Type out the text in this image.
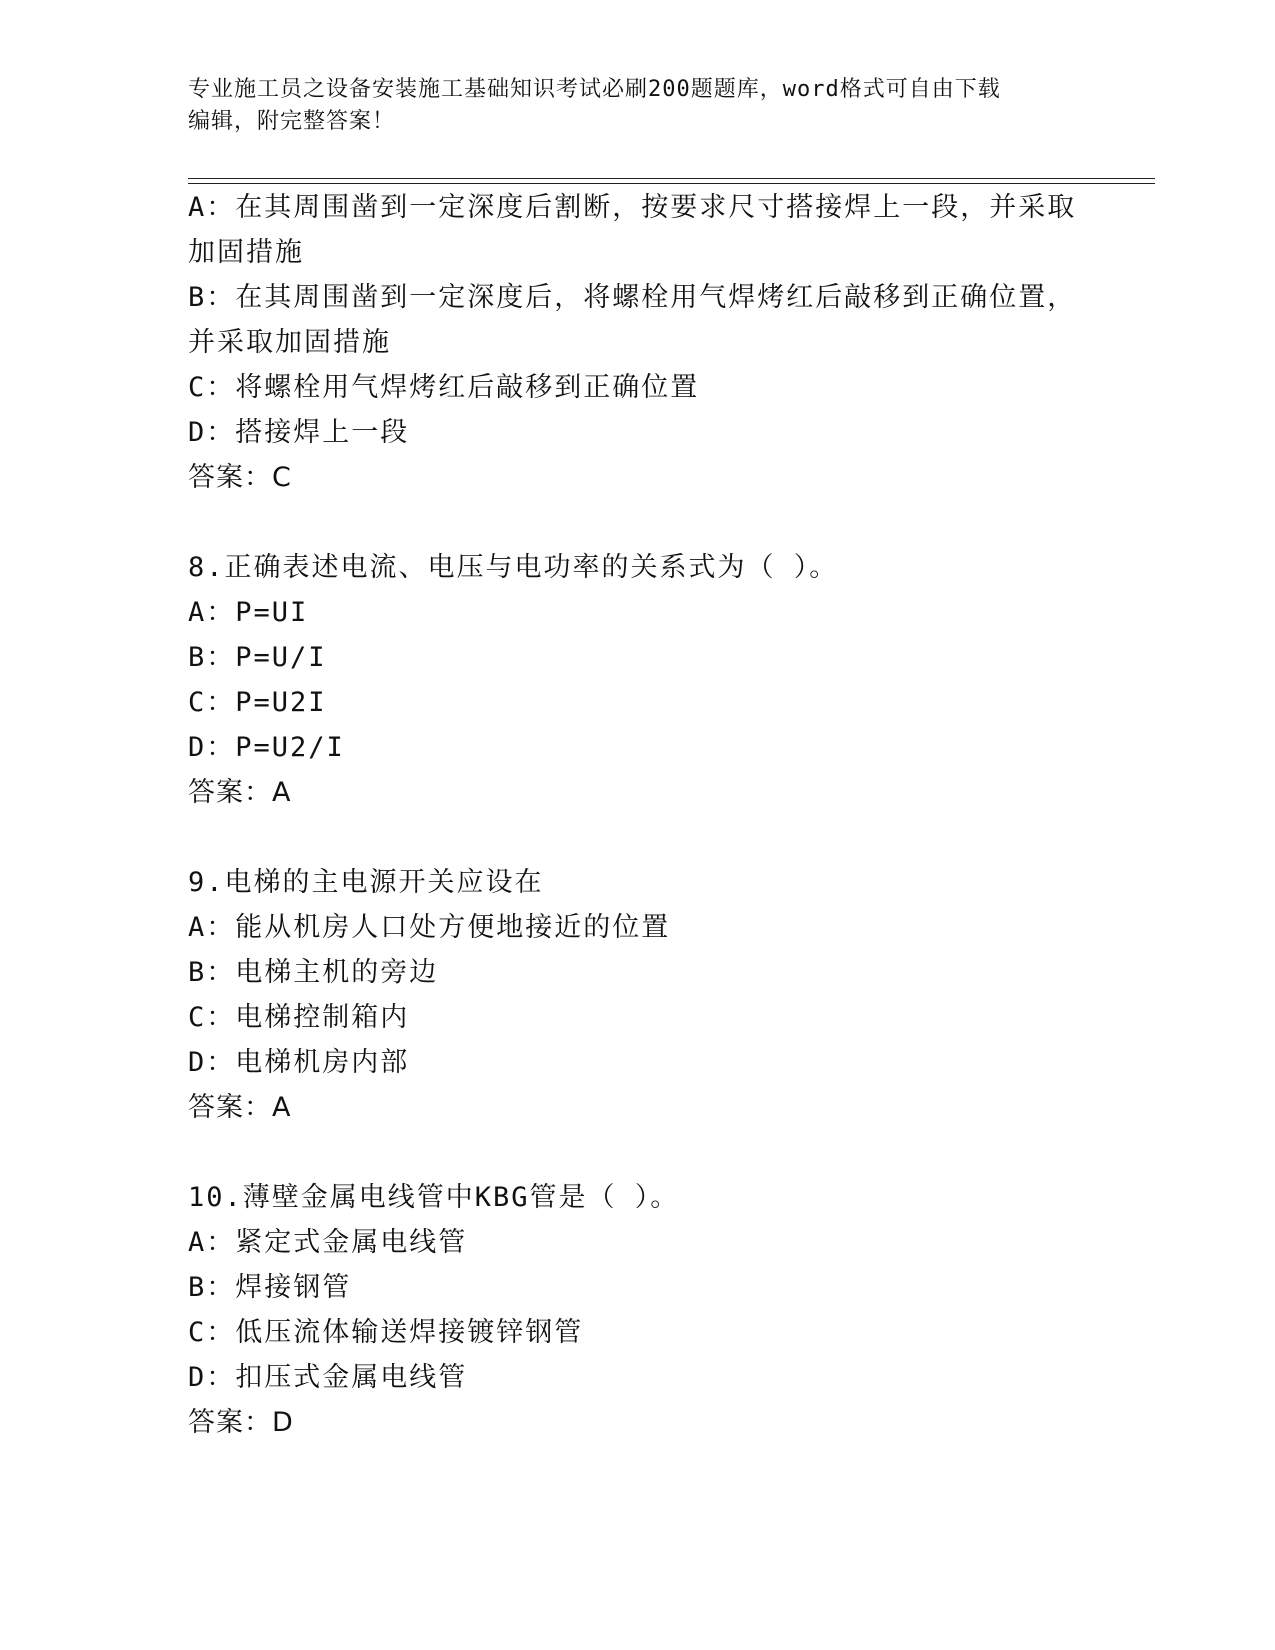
专业施工员之设备安装施工基础知识考试必刷200题题库，word格式可自由下载
编辑，附完整答案！
A：在其周围凿到一定深度后割断，按要求尺寸搭接焊上一段，并采取
加固措施
B：在其周围凿到一定深度后，将螺栓用气焊烤红后敲移到正确位置，
并采取加固措施
C：将螺栓用气焊烤红后敲移到正确位置
D：搭接焊上一段
答案：C
8.正确表述电流、电压与电功率的关系式为（ ）。
A：P=UI
B：P=U/I
C：P=U2I
D：P=U2/I
答案：A
9.电梯的主电源开关应设在
A：能从机房人口处方便地接近的位置
B：电梯主机的旁边
C：电梯控制箱内
D：电梯机房内部
答案：A
10.薄壁金属电线管中KBG管是（ ）。
A：紧定式金属电线管
B：焊接钢管
C：低压流体输送焊接镀锌钢管
D：扣压式金属电线管
答案：D
